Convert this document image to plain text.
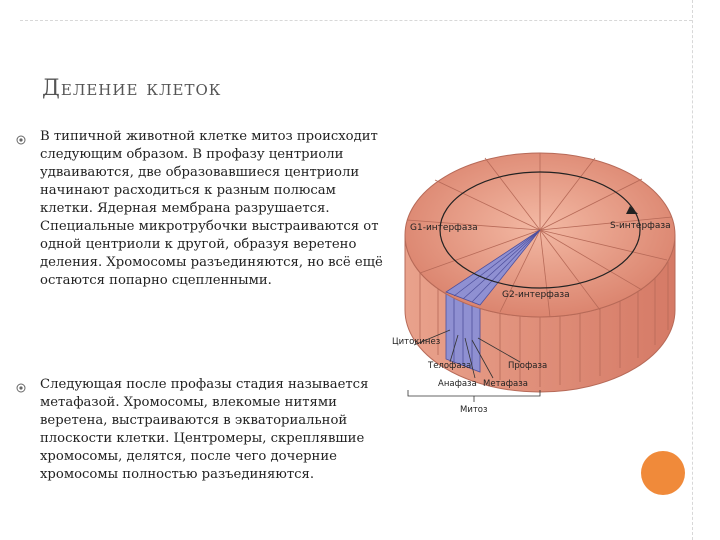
Деление клеток
В типичной животной клетке митоз происходит следующим образом. В профазу центриоли удваиваются, две образовавшиеся центриоли начинают расходиться к разным полюсам клетки. Ядерная мембрана разрушается. Специальные микротрубочки выстраиваются от одной центриоли к другой, образуя веретено деления. Хромосомы разъединяются, но всё ещё остаются попарно сцепленными.
Следующая после профазы стадия называется метафазой. Хромосомы, влекомые нитями веретена, выстраиваются в экваториальной плоскости клетки. Центромеры, скреплявшие хромосомы, делятся, после чего дочерние хромосомы полностью разъединяются.
G1-интерфаза	S-интерфаза
G2-интерфаза
Цитокинез
Телофаза	Профаза
Анафаза Метафаза
Митоз
